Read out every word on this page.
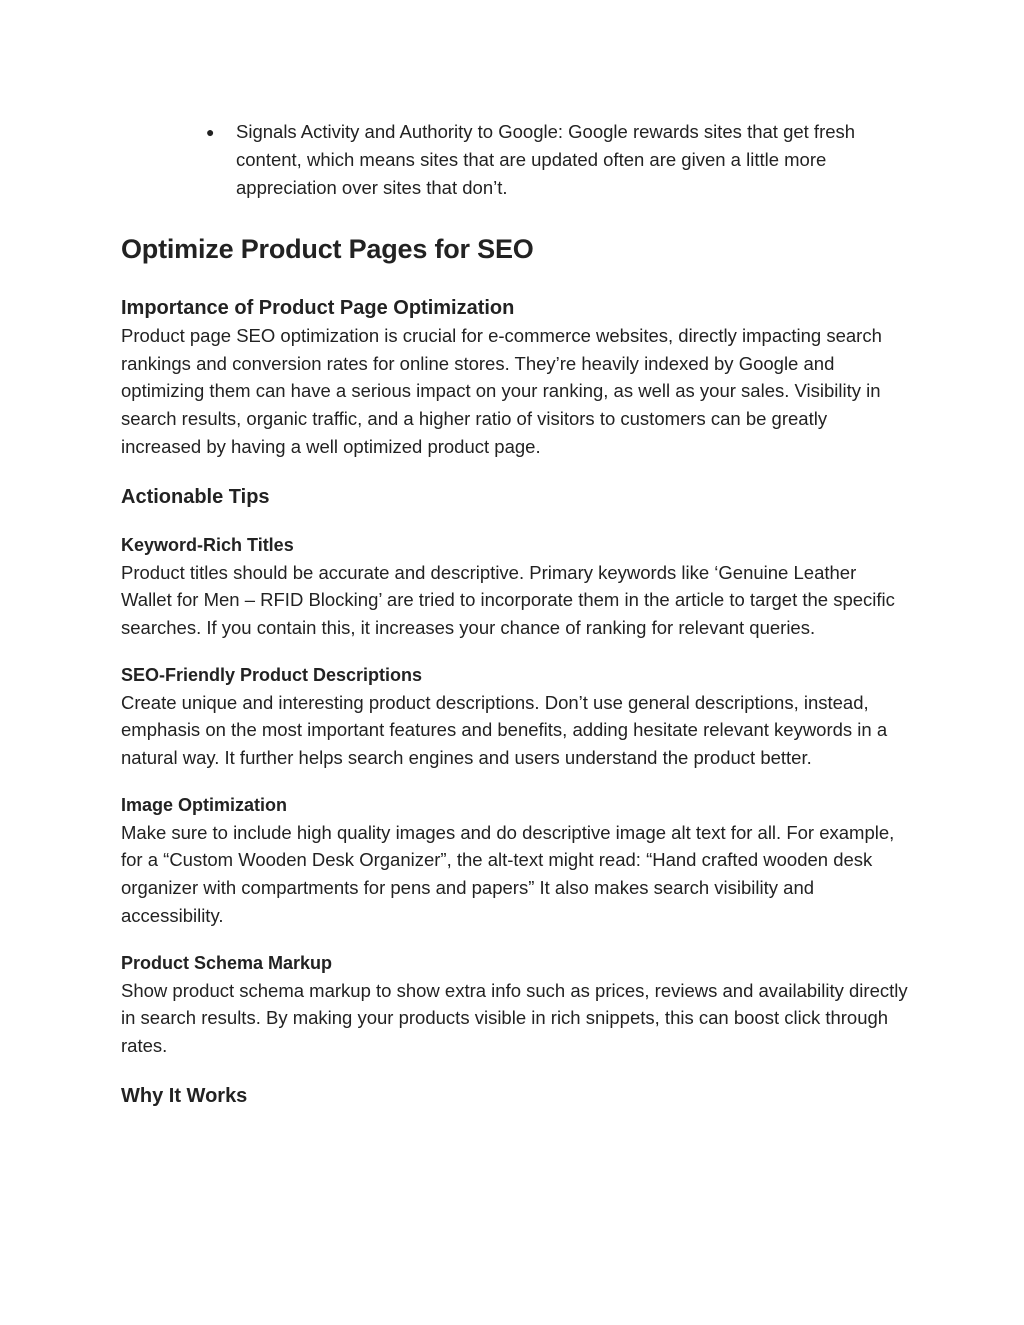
● Signals Activity and Authority to Google: Google rewards sites that get fresh content, which means sites that are updated often are given a little more appreciation over sites that don’t.

Optimize Product Pages for SEO
Importance of Product Page Optimization

Product page SEO optimization is crucial for e-commerce websites, directly impacting search rankings and conversion rates for online stores. They’re heavily indexed by Google and optimizing them can have a serious impact on your ranking, as well as your sales. Visibility in search results, organic traffic, and a higher ratio of visitors to customers can be greatly increased by having a well optimized product page.

Actionable Tips
Keyword-Rich Titles

Product titles should be accurate and descriptive. Primary keywords like ‘Genuine Leather Wallet for Men – RFID Blocking’ are tried to incorporate them in the article to target the specific searches. If you contain this, it increases your chance of ranking for relevant queries.

SEO-Friendly Product Descriptions

Create unique and interesting product descriptions. Don’t use general descriptions, instead, emphasis on the most important features and benefits, adding hesitate relevant keywords in a natural way. It further helps search engines and users understand the product better.

Image Optimization

Make sure to include high quality images and do descriptive image alt text for all. For example, for a “Custom Wooden Desk Organizer”, the alt-text might read: “Hand crafted wooden desk organizer with compartments for pens and papers” It also makes search visibility and accessibility.

Product Schema Markup

Show product schema markup to show extra info such as prices, reviews and availability directly in search results. By making your products visible in rich snippets, this can boost click through rates.

Why It Works
